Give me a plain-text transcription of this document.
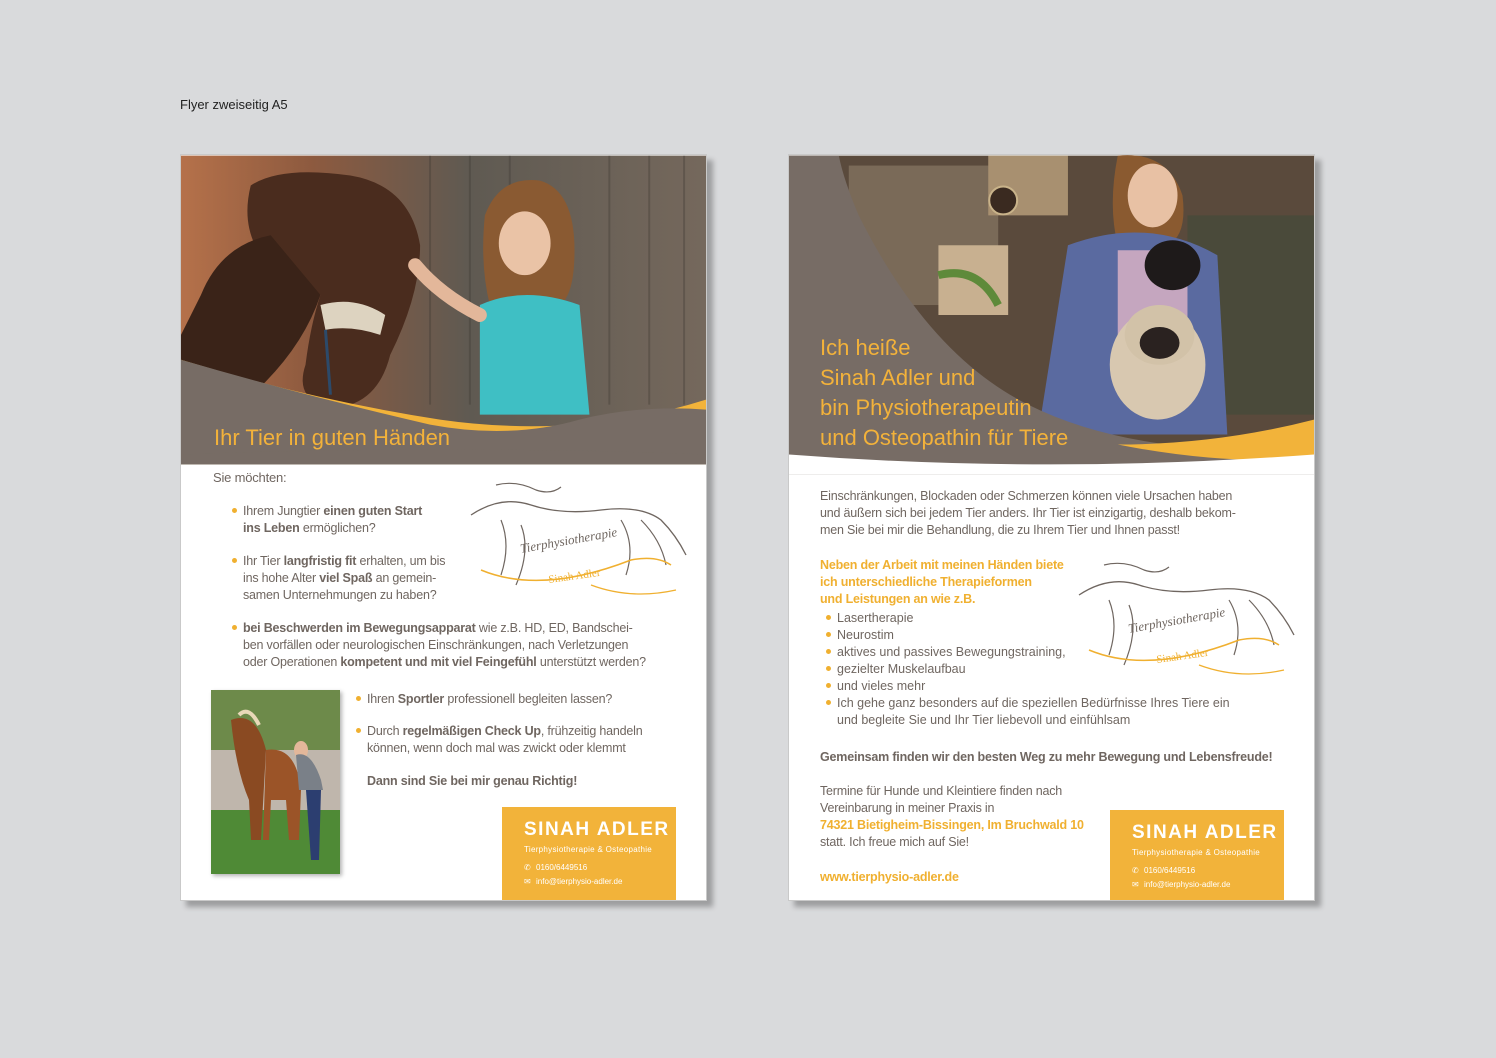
Flyer zweiseitig A5
Ihr Tier in guten Händen
Sie möchten:
Ihrem Jungtier einen guten Start
ins Leben ermöglichen?
Ihr Tier langfristig fit erhalten, um bis
ins hohe Alter viel Spaß an gemein-
samen Unternehmungen zu haben?
bei Beschwerden im Bewegungsapparat wie z.B. HD, ED, Bandschei-
ben vorfällen oder neurologischen Einschränkungen, nach Verletzungen
oder Operationen kompetent und mit viel Feingefühl unterstützt werden?
Tierphysiotherapie
Sinah Adler
Ihren Sportler professionell begleiten lassen?
Durch regelmäßigen Check Up, frühzeitig handeln
können, wenn doch mal was zwickt oder klemmt
Dann sind Sie bei mir genau Richtig!
SINAH ADLER
Tierphysiotherapie & Osteopathie
✆ 0160/6449516
✉ info@tierphysio-adler.de
Ich heiße
Sinah Adler und
bin Physiotherapeutin
und Osteopathin für Tiere
Einschränkungen, Blockaden oder Schmerzen können viele Ursachen haben
und äußern sich bei jedem Tier anders. Ihr Tier ist einzigartig, deshalb bekom-
men Sie bei mir die Behandlung, die zu Ihrem Tier und Ihnen passt!
Neben der Arbeit mit meinen Händen biete
ich unterschiedliche Therapieformen
und Leistungen an wie z.B.
Lasertherapie
Neurostim
aktives und passives Bewegungstraining,
gezielter Muskelaufbau
und vieles mehr
Ich gehe ganz besonders auf die speziellen Bedürfnisse Ihres Tiere ein
und begleite Sie und Ihr Tier liebevoll und einfühlsam
Tierphysiotherapie
Sinah Adler
Gemeinsam finden wir den besten Weg zu mehr Bewegung und Lebensfreude!
Termine für Hunde und Kleintiere finden nach
Vereinbarung in meiner Praxis in
74321 Bietigheim-Bissingen, Im Bruchwald 10
statt. Ich freue mich auf Sie!
www.tierphysio-adler.de
SINAH ADLER
Tierphysiotherapie & Osteopathie
✆ 0160/6449516
✉ info@tierphysio-adler.de
